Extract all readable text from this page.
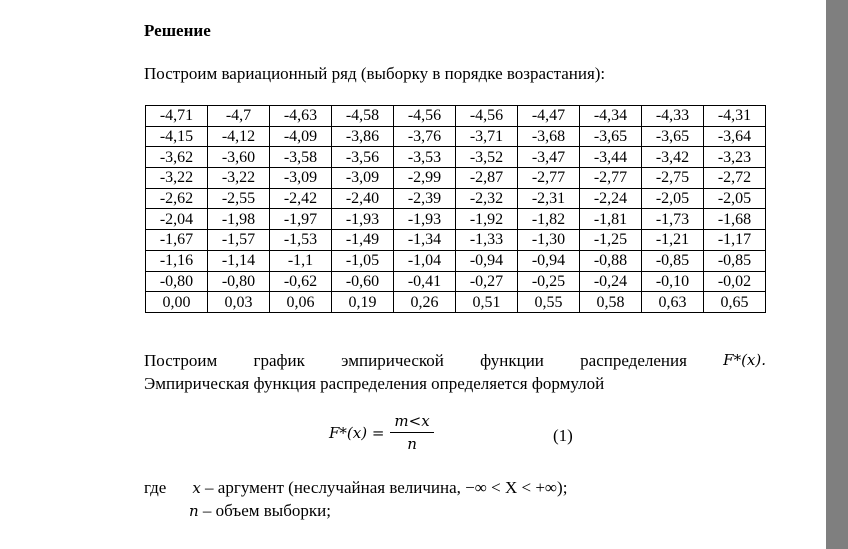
Решение
Построим вариационный ряд (выборку в порядке возрастания):
-4,71	-4,7	-4,63	-4,58	-4,56	-4,56	-4,47	-4,34	-4,33	-4,31
-4,15	-4,12	-4,09	-3,86	-3,76	-3,71	-3,68	-3,65	-3,65	-3,64
-3,62	-3,60	-3,58	-3,56	-3,53	-3,52	-3,47	-3,44	-3,42	-3,23
-3,22	-3,22	-3,09	-3,09	-2,99	-2,87	-2,77	-2,77	-2,75	-2,72
-2,62	-2,55	-2,42	-2,40	-2,39	-2,32	-2,31	-2,24	-2,05	-2,05
-2,04	-1,98	-1,97	-1,93	-1,93	-1,92	-1,82	-1,81	-1,73	-1,68
-1,67	-1,57	-1,53	-1,49	-1,34	-1,33	-1,30	-1,25	-1,21	-1,17
-1,16	-1,14	-1,1	-1,05	-1,04	-0,94	-0,94	-0,88	-0,85	-0,85
-0,80	-0,80	-0,62	-0,60	-0,41	-0,27	-0,25	-0,24	-0,10	-0,02
0,00	0,03	0,06	0,19	0,26	0,51	0,55	0,58	0,63	0,65
Построим график эмпирической функции распределения F*(x).
Эмпирическая функция распределения определяется формулой
$F*(x) = \frac{m<x}{n}$	(1)
где x – аргумент (неслучайная величина, −∞ < X < +∞);
n – объем выборки;
